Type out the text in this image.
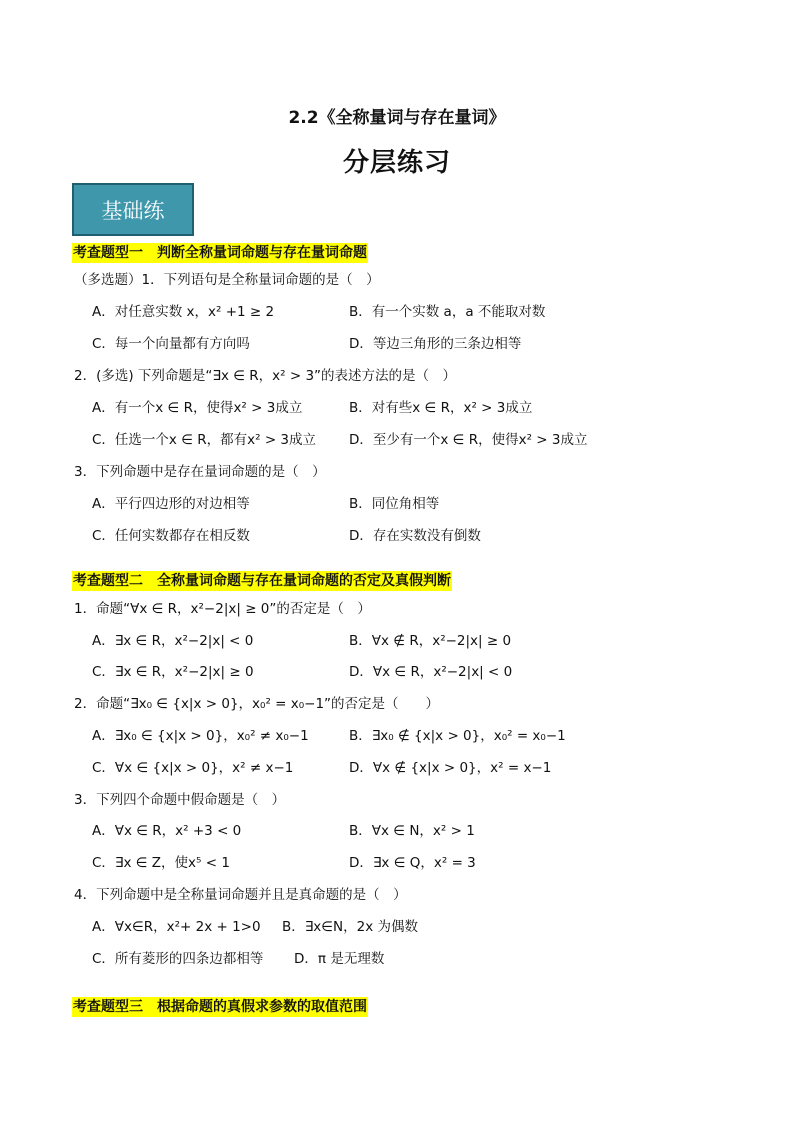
2.2《全称量词与存在量词》
分层练习
基础练
考查题型一　判断全称量词命题与存在量词命题
（多选题）1．下列语句是全称量词命题的是（　）
A．对任意实数 x，x² +1 ≥ 2	B．有一个实数 a，a 不能取对数
C．每一个向量都有方向吗	D．等边三角形的三条边相等
2．(多选) 下列命题是“∃x ∈ R，x² > 3”的表述方法的是（　）
A．有一个x ∈ R，使得x² > 3成立	B．对有些x ∈ R，x² > 3成立
C．任选一个x ∈ R，都有x² > 3成立 D．至少有一个x ∈ R，使得x² > 3成立
3．下列命题中是存在量词命题的是（　）
A．平行四边形的对边相等	B．同位角相等
C．任何实数都存在相反数	D．存在实数没有倒数
考查题型二　全称量词命题与存在量词命题的否定及真假判断
1．命题“∀x ∈ R，x²−2|x| ≥ 0”的否定是（　）
A．∃x ∈ R，x²−2|x| < 0	B．∀x ∉ R，x²−2|x| ≥ 0
C．∃x ∈ R，x²−2|x| ≥ 0	D．∀x ∈ R，x²−2|x| < 0
2．命题“∃x₀ ∈ {x|x > 0}，x₀² = x₀−1”的否定是（　　）
A．∃x₀ ∈ {x|x > 0}，x₀² ≠ x₀−1	B．∃x₀ ∉ {x|x > 0}，x₀² = x₀−1
C．∀x ∈ {x|x > 0}，x² ≠ x−1	D．∀x ∉ {x|x > 0}，x² = x−1
3．下列四个命题中假命题是（　）
A．∀x ∈ R，x² +3 < 0	B．∀x ∈ N，x² > 1
C．∃x ∈ Z，使x⁵ < 1	D．∃x ∈ Q，x² = 3
4．下列命题中是全称量词命题并且是真命题的是（　）
A．∀x∈R，x²+ 2x + 1>0 B．∃x∈N，2x 为偶数
C．所有菱形的四条边都相等 D．π 是无理数
考查题型三　根据命题的真假求参数的取值范围
